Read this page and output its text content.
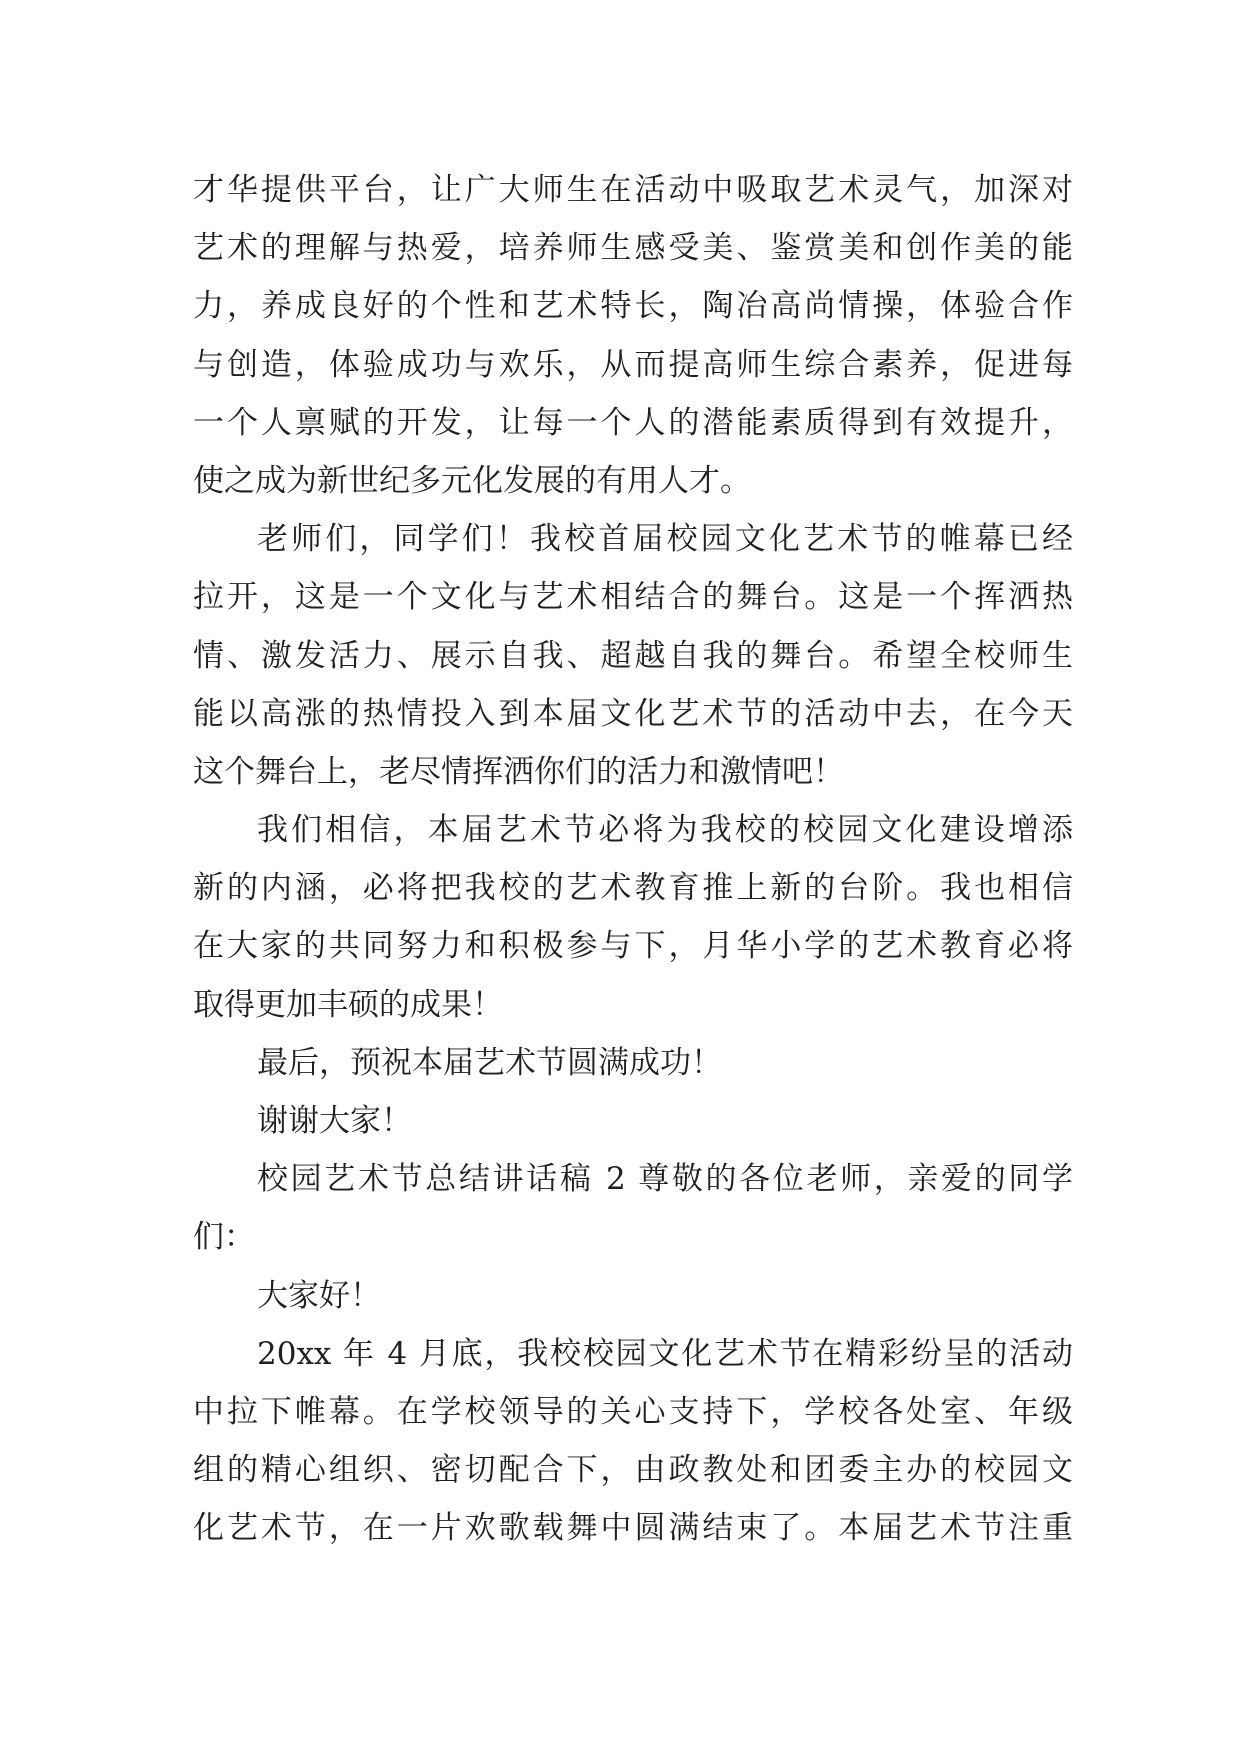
才华提供平台，让广大师生在活动中吸取艺术灵气，加深对
艺术的理解与热爱，培养师生感受美、鉴赏美和创作美的能
力，养成良好的个性和艺术特长，陶冶高尚情操，体验合作
与创造，体验成功与欢乐，从而提高师生综合素养，促进每
一个人禀赋的开发，让每一个人的潜能素质得到有效提升，
使之成为新世纪多元化发展的有用人才。
老师们，同学们！我校首届校园文化艺术节的帷幕已经
拉开，这是一个文化与艺术相结合的舞台。这是一个挥洒热
情、激发活力、展示自我、超越自我的舞台。希望全校师生
能以高涨的热情投入到本届文化艺术节的活动中去，在今天
这个舞台上，老尽情挥洒你们的活力和激情吧！
我们相信，本届艺术节必将为我校的校园文化建设增添
新的内涵，必将把我校的艺术教育推上新的台阶。我也相信
在大家的共同努力和积极参与下，月华小学的艺术教育必将
取得更加丰硕的成果！
最后，预祝本届艺术节圆满成功！
谢谢大家！
校园艺术节总结讲话稿 2 尊敬的各位老师，亲爱的同学
们：
大家好！
20xx 年 4 月底，我校校园文化艺术节在精彩纷呈的活动
中拉下帷幕。在学校领导的关心支持下，学校各处室、年级
组的精心组织、密切配合下，由政教处和团委主办的校园文
化艺术节，在一片欢歌载舞中圆满结束了。本届艺术节注重
